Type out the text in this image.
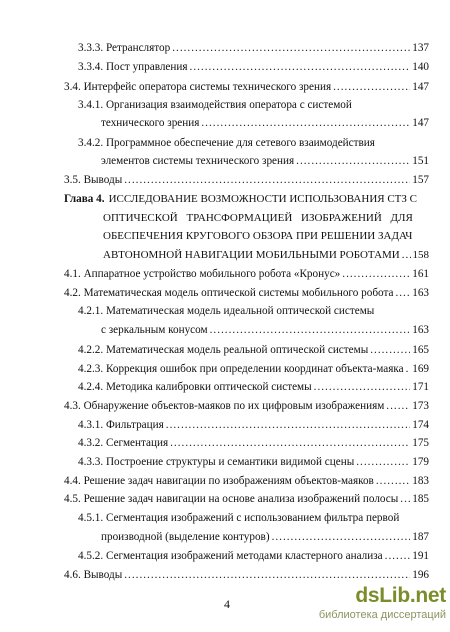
3.3.3. Ретранслятор .....	137
3.3.4. Пост управления .....	140
3.4. Интерфейс оператора системы технического зрения .....	147
3.4.1. Организация взаимодействия оператора с системой
технического зрения .....	147
3.4.2. Программное обеспечение для сетевого взаимодействия
элементов системы технического зрения .....	151
3.5. Выводы .....	157
Глава 4. ИССЛЕДОВАНИЕ ВОЗМОЖНОСТИ ИСПОЛЬЗОВАНИЯ СТЗ С
ОПТИЧЕСКОЙ ТРАНСФОРМАЦИЕЙ ИЗОБРАЖЕНИЙ ДЛЯ
ОБЕСПЕЧЕНИЯ КРУГОВОГО ОБЗОРА ПРИ РЕШЕНИИ ЗАДАЧ
АВТОНОМНОЙ НАВИГАЦИИ МОБИЛЬНЫМИ РОБОТАМИ ..... 158
4.1. Аппаратное устройство мобильного робота «Кронус» .....	161
4.2. Математическая модель оптической системы мобильного робота ..... 163
4.2.1. Математическая модель идеальной оптической системы
с зеркальным конусом .....	163
4.2.2. Математическая модель реальной оптической системы .....	165
4.2.3. Коррекция ошибок при определении координат объекта-маяка ..... 169
4.2.4. Методика калибровки оптической системы .....	171
4.3. Обнаружение объектов-маяков по их цифровым изображениям ..... 173
4.3.1. Фильтрация .....	174
4.3.2. Сегментация .....	175
4.3.3. Построение структуры и семантики видимой сцены .....	179
4.4. Решение задач навигации по изображениям объектов-маяков .....	183
4.5. Решение задач навигации на основе анализа изображений полосы ..... 185
4.5.1. Сегментация изображений с использованием фильтра первой
производной (выделение контуров) .....	187
4.5.2. Сегментация изображений методами кластерного анализа .....	191
4.6. Выводы .....	196
4	dsLib.net
библиотека диссертаций
